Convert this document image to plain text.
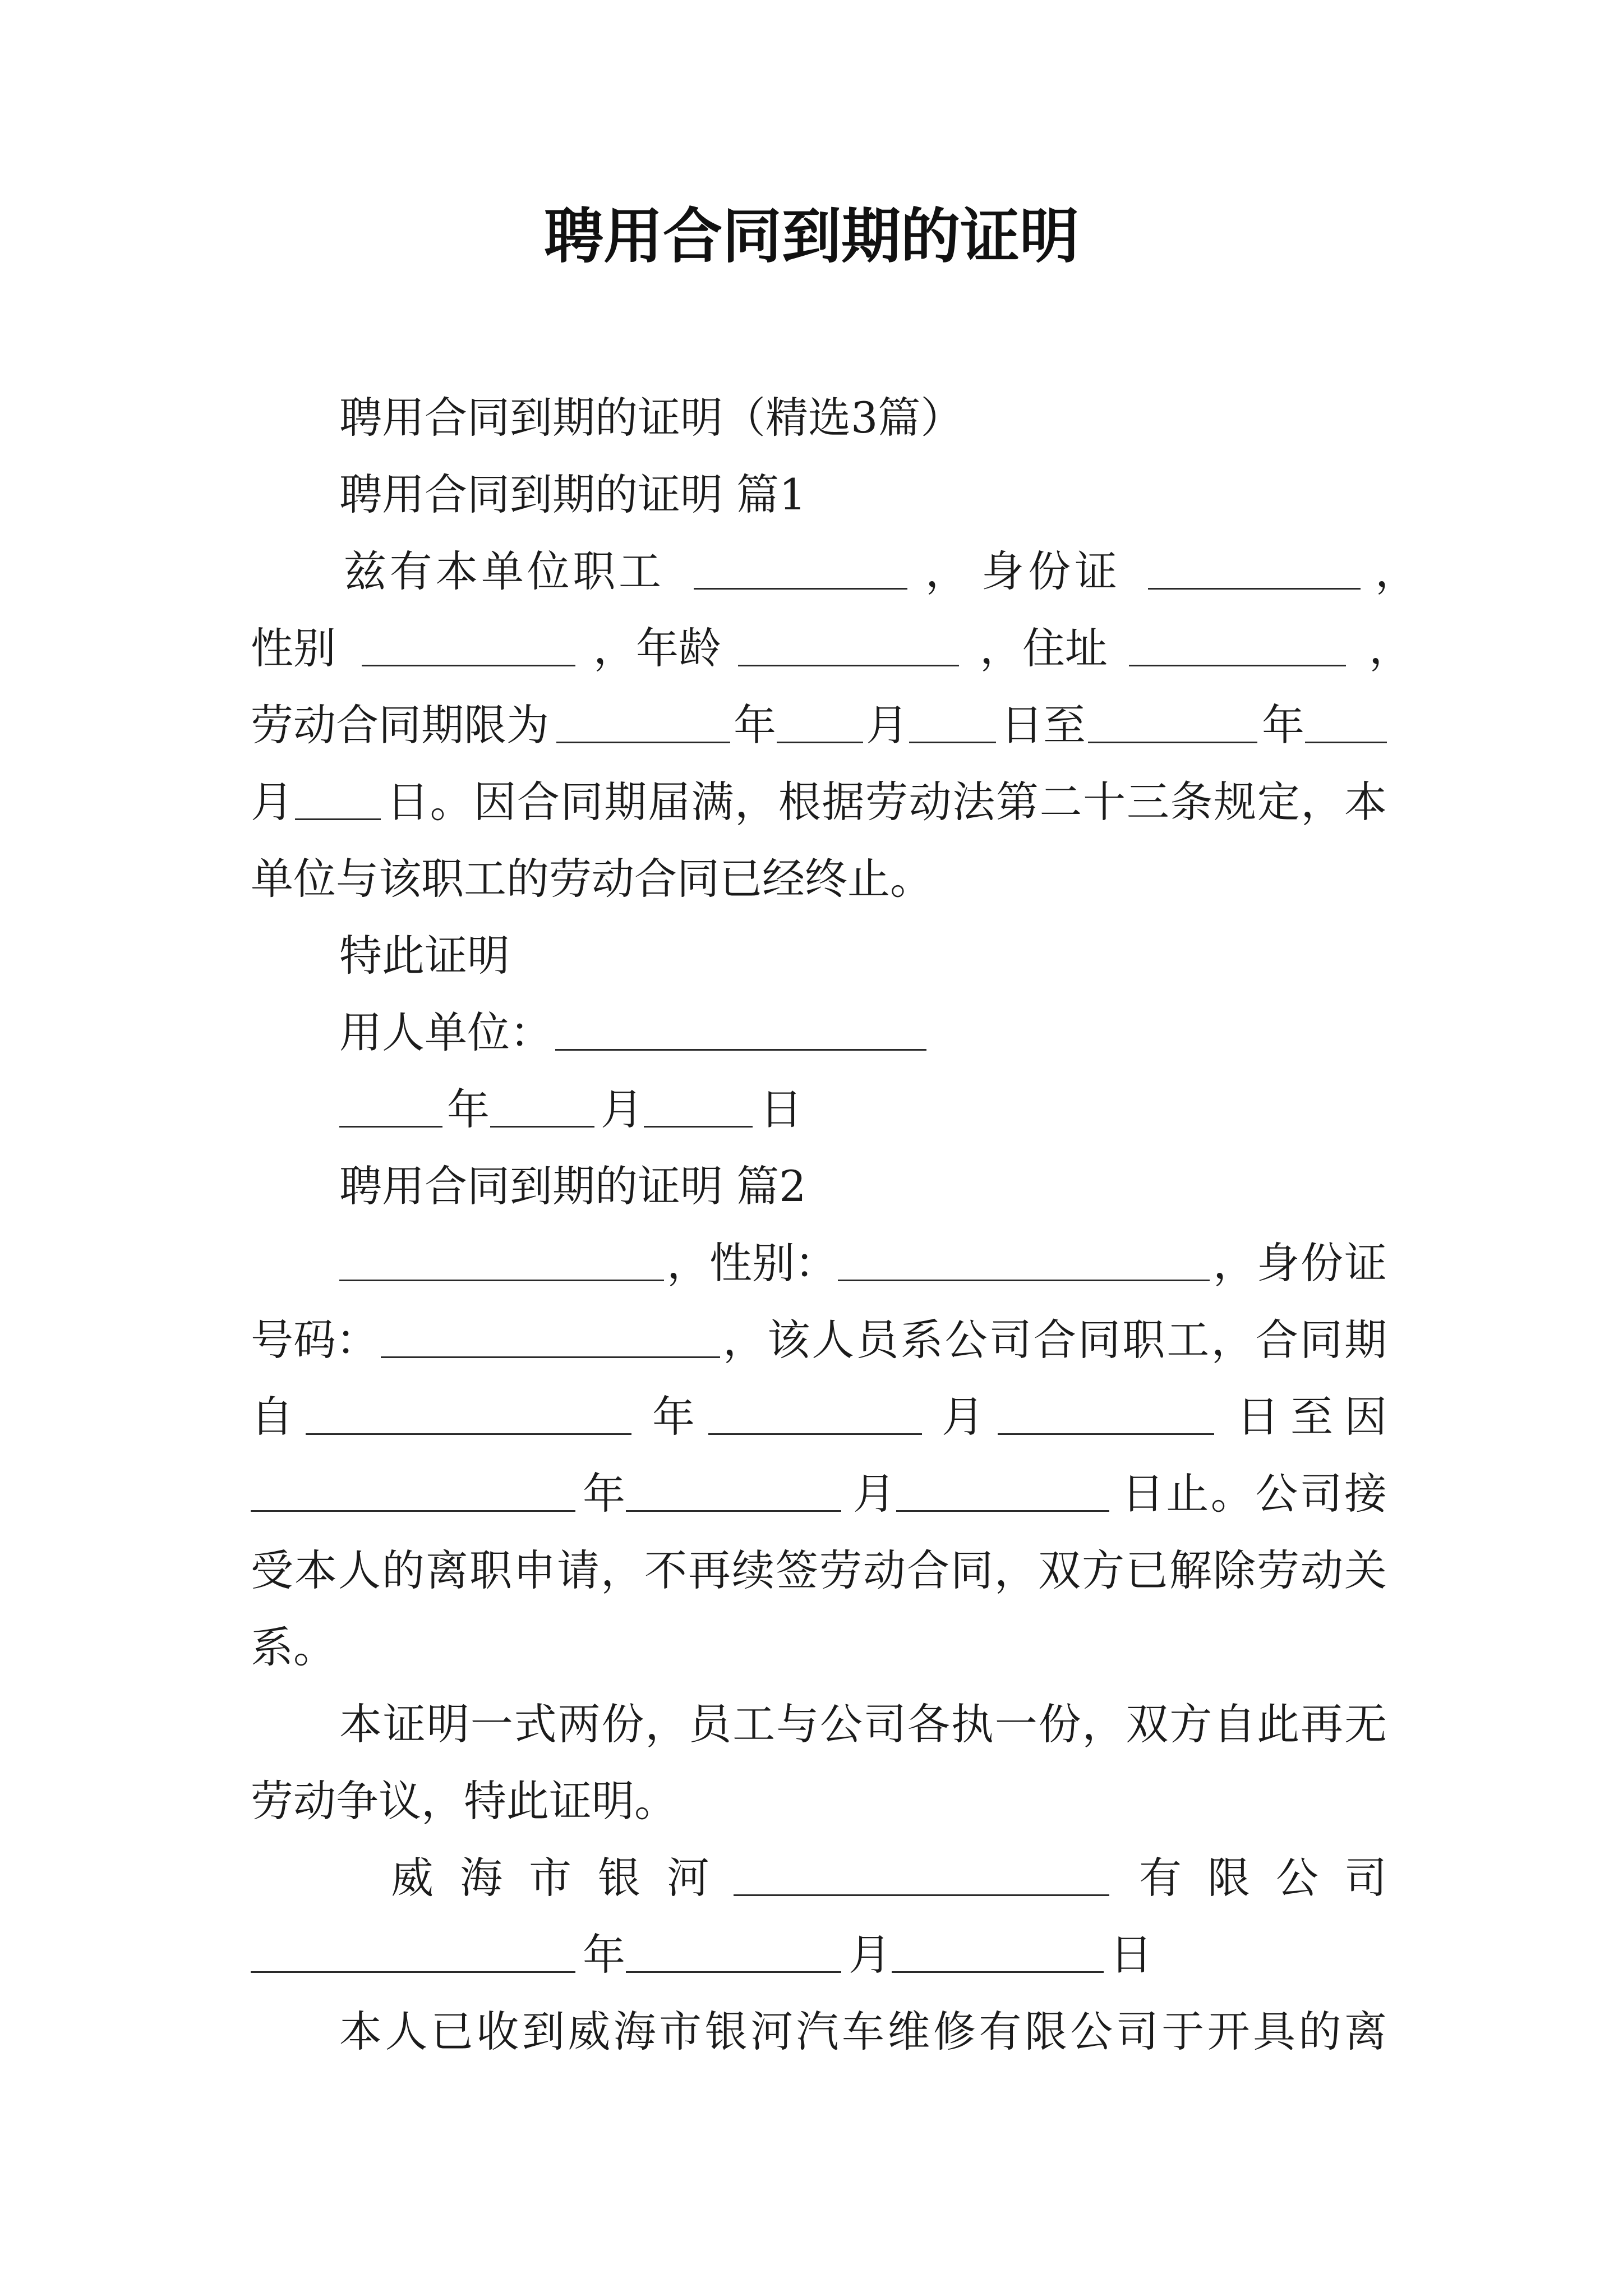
聘用合同到期的证明
聘用合同到期的证明（精选3篇）
聘用合同到期的证明 篇1
兹有本单位职工	， 身份证	，
性别	，年龄	，住址	，
劳动合同期限为	年 月 日至	年
月 日。因合同期届满，根据劳动法第二十三条规定，本
单位与该职工的劳动合同已经终止。
特此证明
用人单位：
年	月	日
聘用合同到期的证明 篇2
，性别：	，身份证
号码：	，该人员系公司合同职工，合同期
自	年	月	日至因
年	月	日止。公司接
受本人的离职申请，不再续签劳动合同，双方已解除劳动关
系。
本证明一式两份，员工与公司各执一份，双方自此再无
劳动争议，特此证明。
威海市银河	有限公司
年	月	日
本人已收到威海市银河汽车维修有限公司于开具的离
